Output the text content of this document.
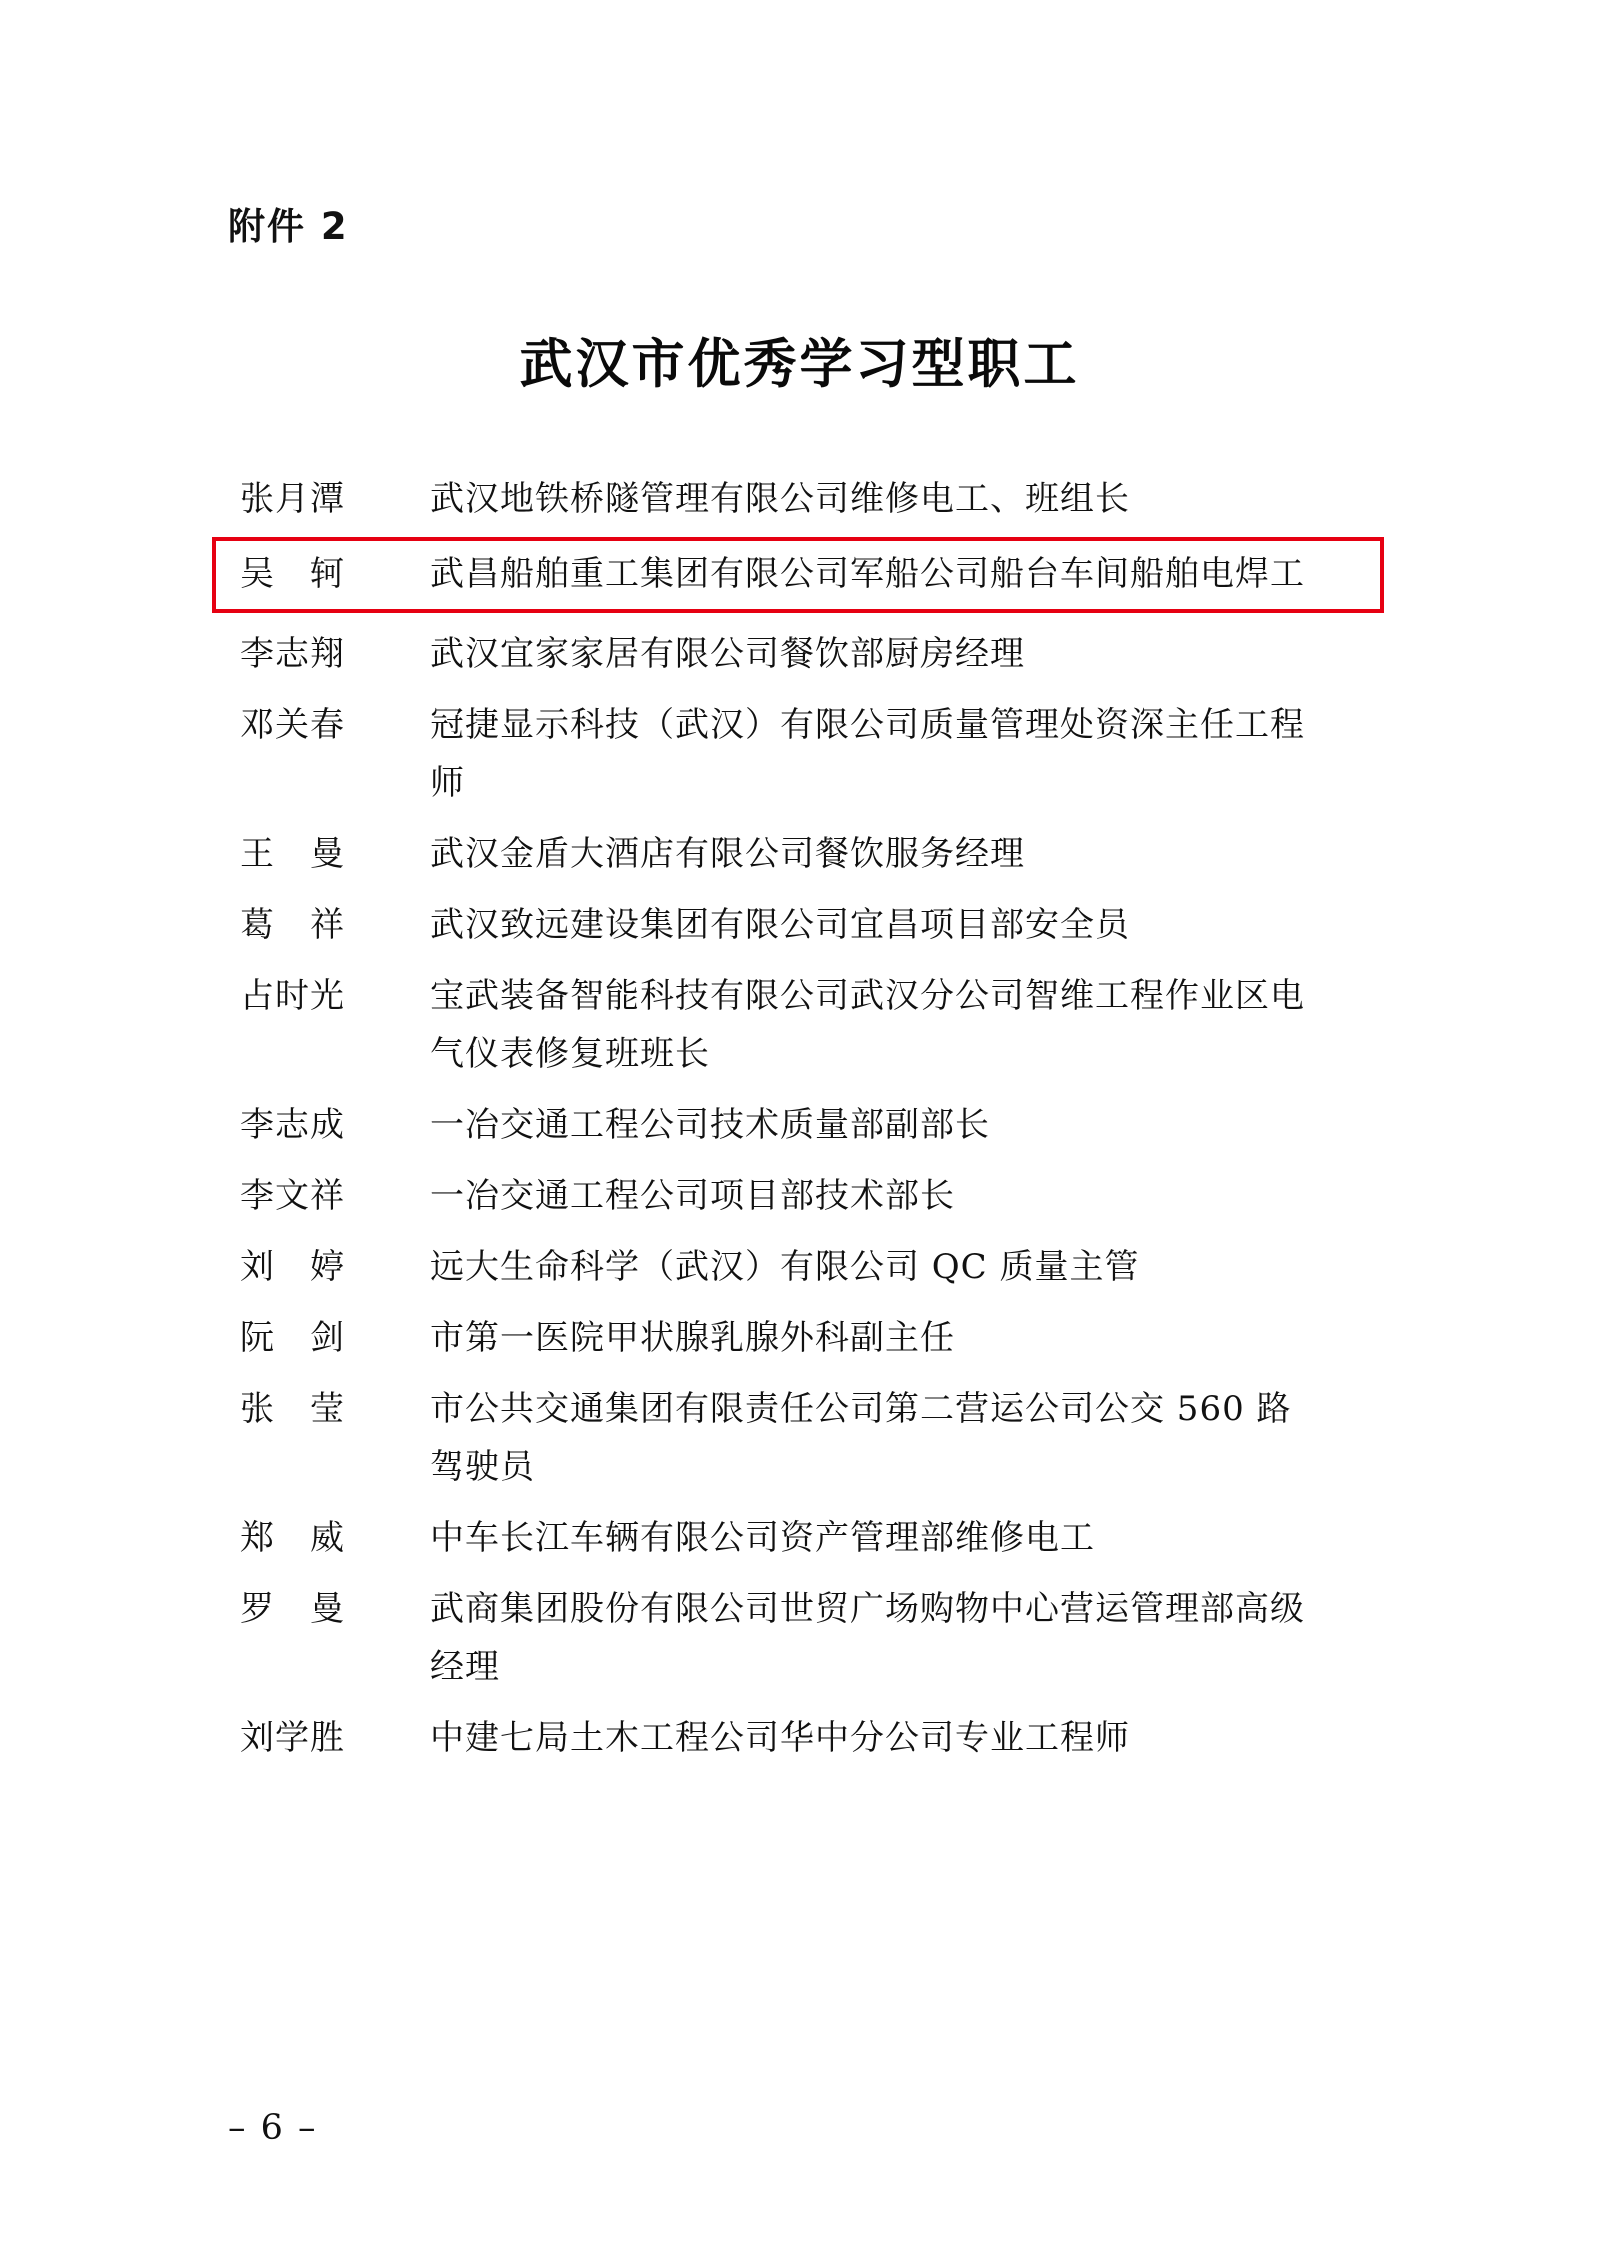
附件 2
武汉市优秀学习型职工
张月潭	武汉地铁桥隧管理有限公司维修电工、班组长
吴　轲	武昌船舶重工集团有限公司军船公司船台车间船舶电焊工
李志翔	武汉宜家家居有限公司餐饮部厨房经理
邓关春	冠捷显示科技（武汉）有限公司质量管理处资深主任工程师
王　曼	武汉金盾大酒店有限公司餐饮服务经理
葛　祥	武汉致远建设集团有限公司宜昌项目部安全员
占时光	宝武装备智能科技有限公司武汉分公司智维工程作业区电气仪表修复班班长
李志成	一冶交通工程公司技术质量部副部长
李文祥	一冶交通工程公司项目部技术部长
刘　婷	远大生命科学（武汉）有限公司 QC 质量主管
阮　剑	市第一医院甲状腺乳腺外科副主任
张　莹	市公共交通集团有限责任公司第二营运公司公交 560 路驾驶员
郑　威	中车长江车辆有限公司资产管理部维修电工
罗　曼	武商集团股份有限公司世贸广场购物中心营运管理部高级经理
刘学胜	中建七局土木工程公司华中分公司专业工程师
– 6 –
